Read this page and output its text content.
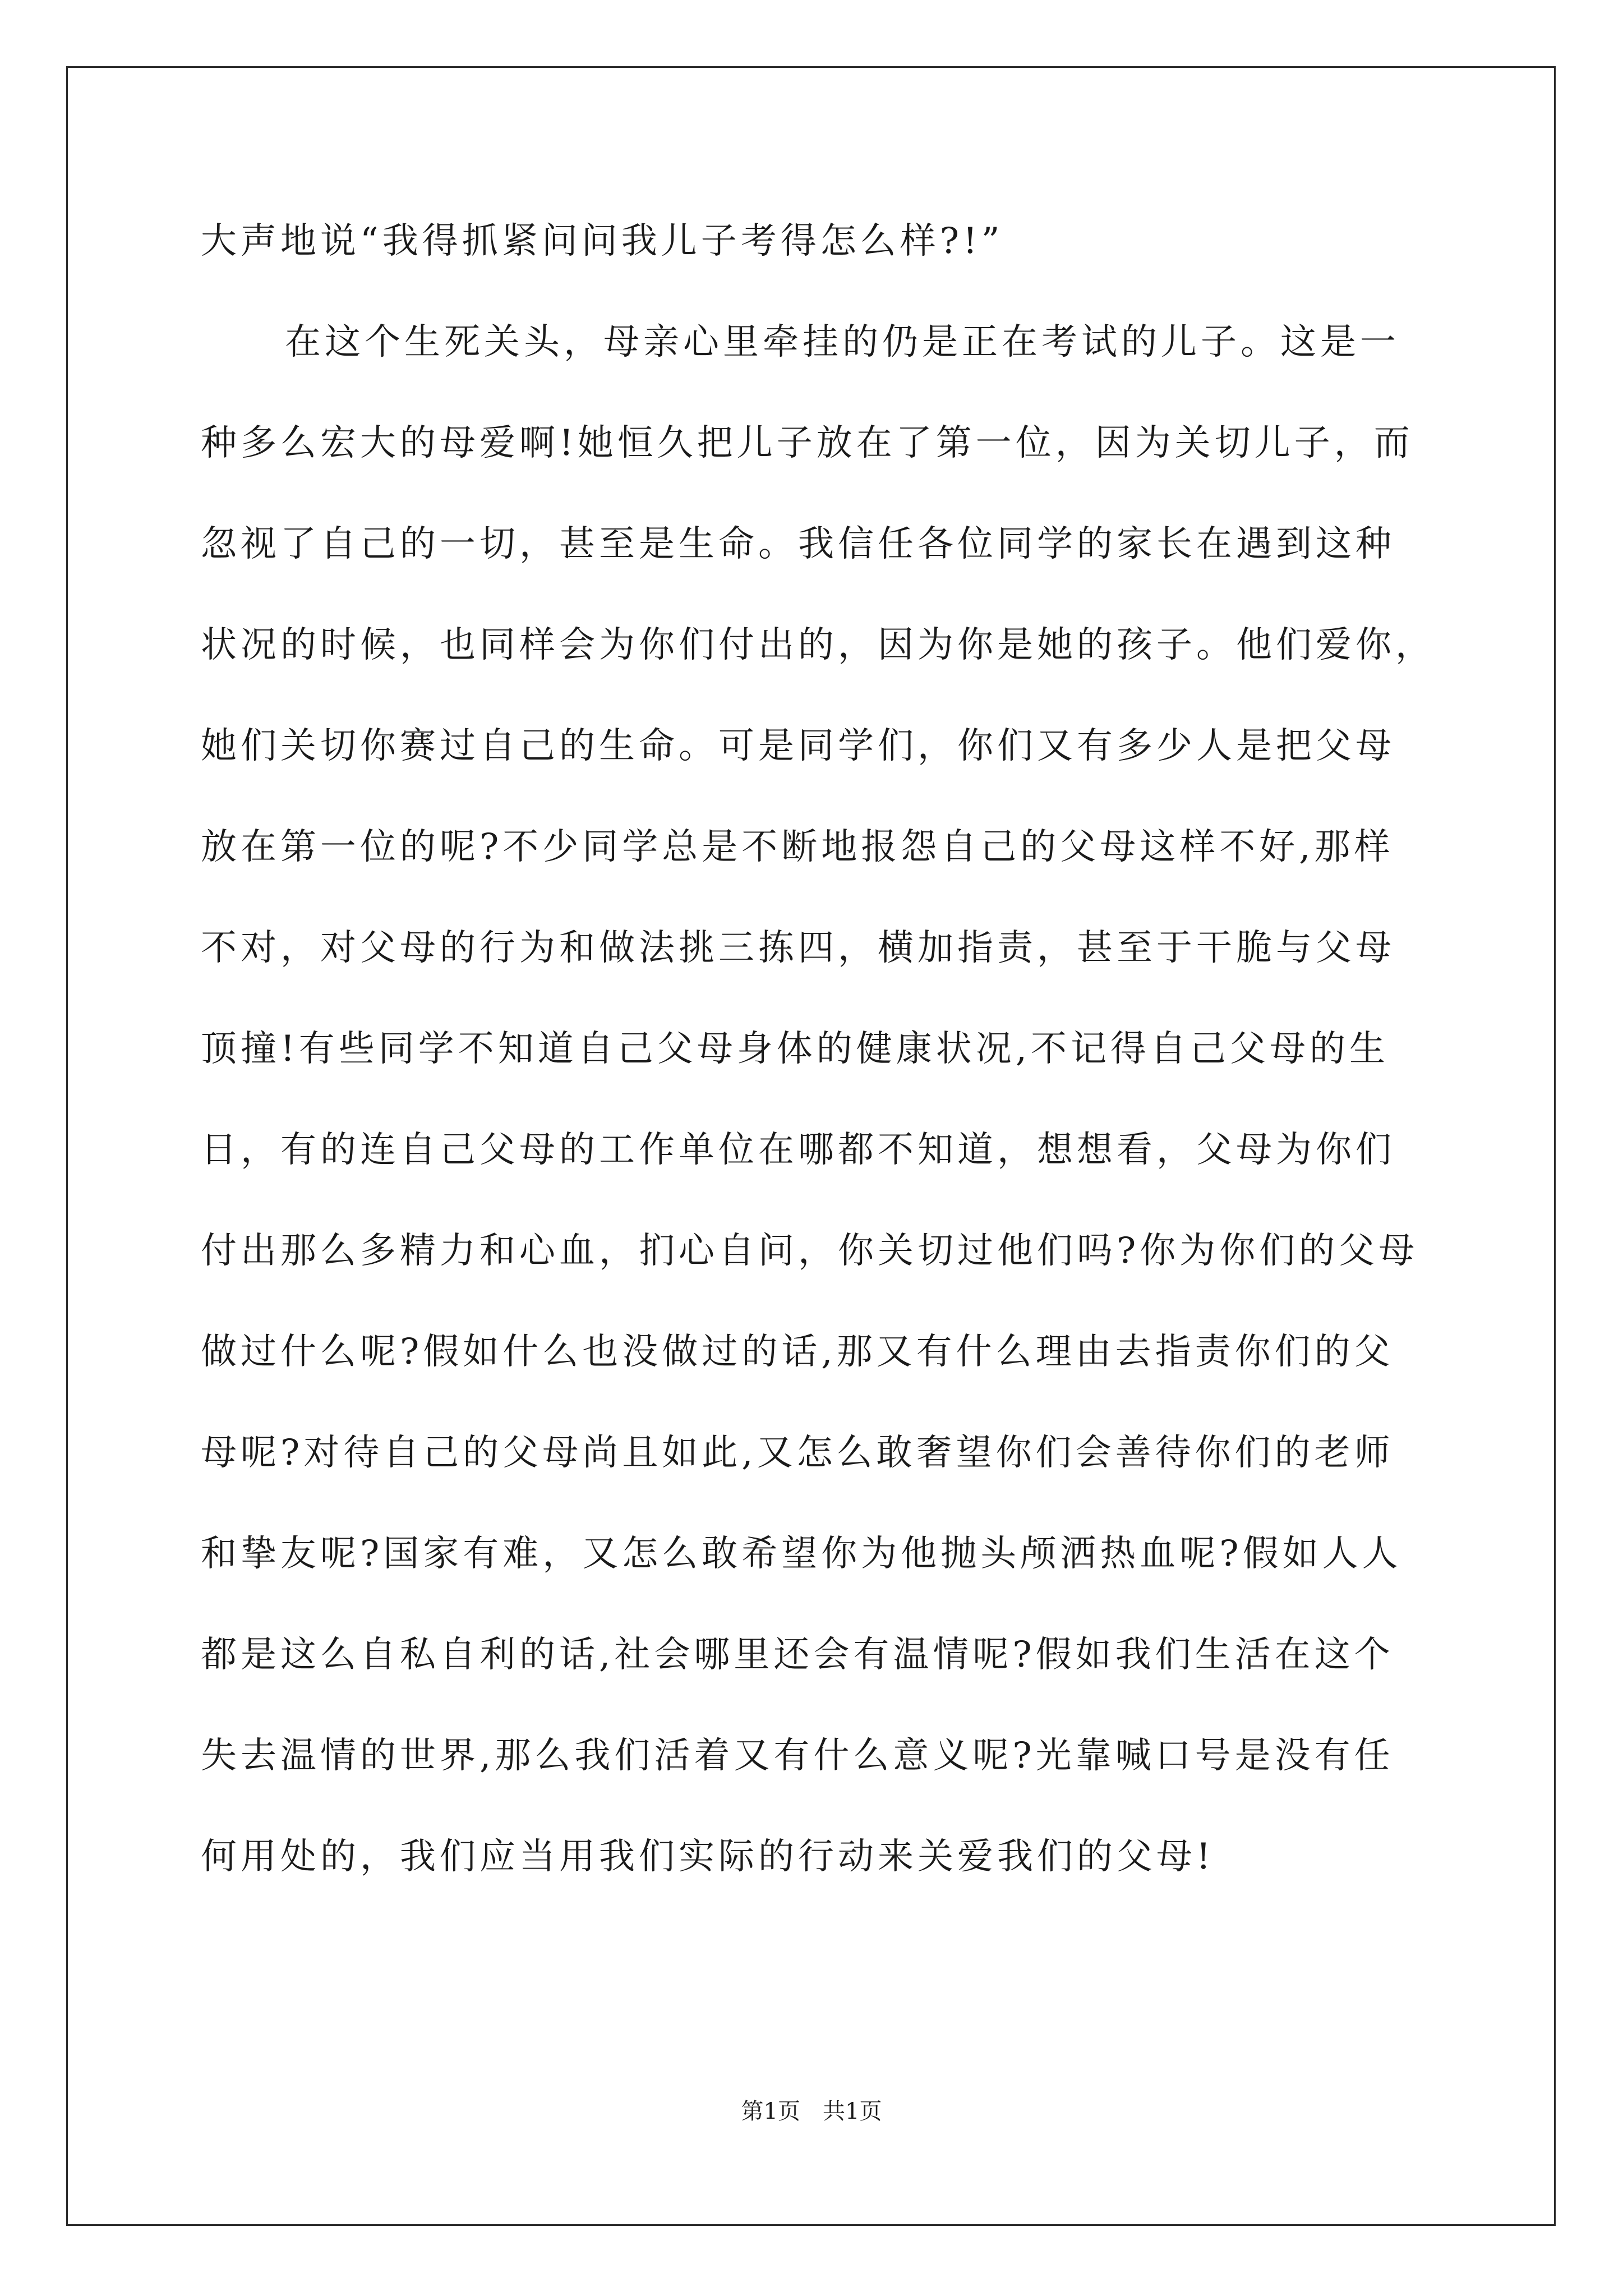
大声地说“我得抓紧问问我儿子考得怎么样?!”
在这个生死关头，母亲心里牵挂的仍是正在考试的儿子。这是一
种多么宏大的母爱啊!她恒久把儿子放在了第一位，因为关切儿子，而
忽视了自己的一切，甚至是生命。我信任各位同学的家长在遇到这种
状况的时候，也同样会为你们付出的，因为你是她的孩子。他们爱你，
她们关切你赛过自己的生命。可是同学们，你们又有多少人是把父母
放在第一位的呢?不少同学总是不断地报怨自己的父母这样不好,那样
不对，对父母的行为和做法挑三拣四，横加指责，甚至于干脆与父母
顶撞!有些同学不知道自己父母身体的健康状况,不记得自己父母的生
日，有的连自己父母的工作单位在哪都不知道，想想看，父母为你们
付出那么多精力和心血，扪心自问，你关切过他们吗?你为你们的父母
做过什么呢?假如什么也没做过的话,那又有什么理由去指责你们的父
母呢?对待自己的父母尚且如此,又怎么敢奢望你们会善待你们的老师
和挚友呢?国家有难，又怎么敢希望你为他抛头颅洒热血呢?假如人人
都是这么自私自利的话,社会哪里还会有温情呢?假如我们生活在这个
失去温情的世界,那么我们活着又有什么意义呢?光靠喊口号是没有任
何用处的，我们应当用我们实际的行动来关爱我们的父母!
第1页　共1页
